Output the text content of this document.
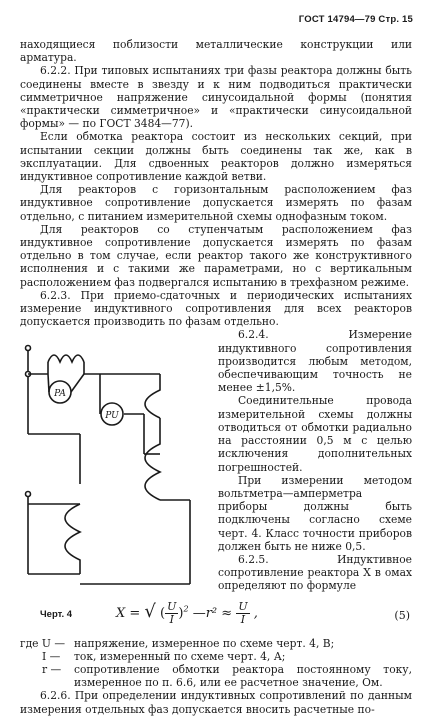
ГОСТ 14794—79 Стр. 15

находящиеся поблизости металлические конструкции или арматура.

6.2.2. При типовых испытаниях три фазы реактора должны быть соединены вместе в звезду и к ним подводиться практически симметричное напряжение синусоидальной формы (понятия «практически симметричное» и «практически синусоидальной формы» — по ГОСТ 3484—77).

Если обмотка реактора состоит из нескольких секций, при испытании секции должны быть соединены так же, как в эксплуатации. Для сдвоенных реакторов должно измеряться индуктивное сопротивление каждой ветви.

Для реакторов с горизонтальным расположением фаз индуктивное сопротивление допускается измерять по фазам отдельно, с питанием измерительной схемы однофазным током.

Для реакторов со ступенчатым расположением фаз индуктивное сопротивление допускается измерять по фазам отдельно в том случае, если реактор такого же конструктивного исполнения и с такими же параметрами, но с вертикальным расположением фаз подвергался испытанию в трехфазном режиме.

6.2.3. При приемо-сдаточных и периодических испытаниях измерение индуктивного сопротивления для всех реакторов допускается производить по фазам отдельно.

PA
PU
Черт. 4

6.2.4. Измерение индуктивного сопротивления производится любым методом, обеспечивающим точность не менее ±1,5%.

Соединительные провода измерительной схемы должны отводиться от обмотки радиально на расстоянии 0,5 м с целью исключения дополнительных погрешностей.

При измерении методом вольтметра—амперметра приборы должны быть подключены согласно схеме черт. 4. Класс точности приборов должен быть не ниже 0,5.

6.2.5. Индуктивное сопротивление реактора X в омах определяют по формуле

X = √ ( $\frac{U}{I} )^2$ —r² ≈ $\frac{U}{I}$ ,	(5)
где U — напряжение, измеренное по схеме черт. 4, В;
I — ток, измеренный по схеме черт. 4, А;
r — сопротивление обмотки реактора постоянному току, измеренное по п. 6.6, или ее расчетное значение, Ом.

6.2.6. При определении индуктивных сопротивлений по данным измерения отдельных фаз допускается вносить расчетные по-
